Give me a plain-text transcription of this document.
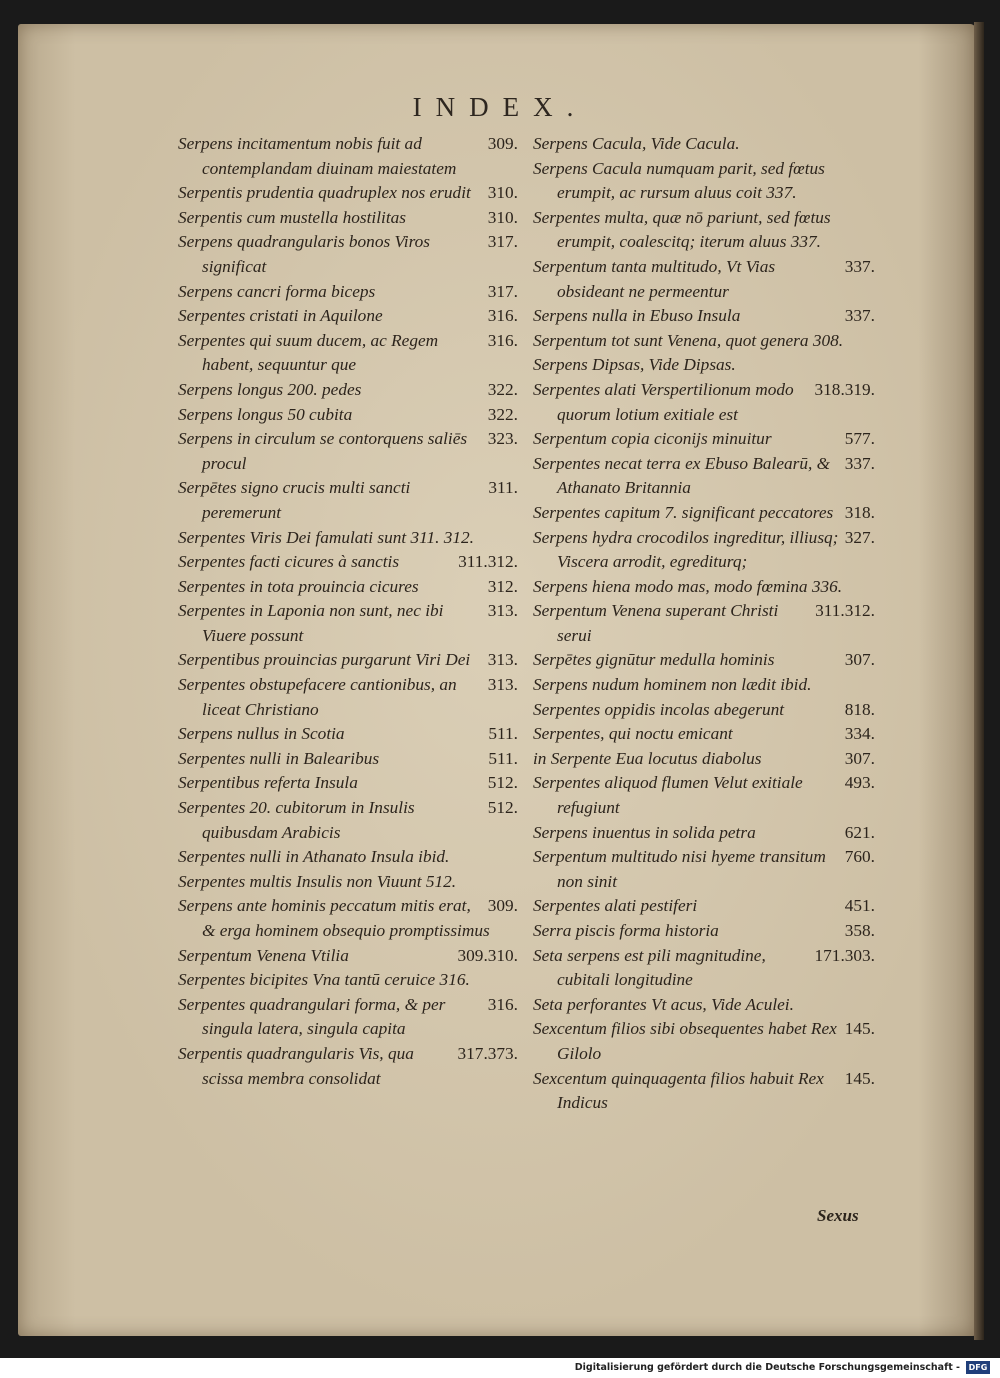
INDEX.

309.
Serpens incitamentum nobis fuit ad contemplandam diuinam maiestatem

310.
Serpentis prudentia quadruplex nos erudit

310.
Serpentis cum mustella hostilitas

317.
Serpens quadrangularis bonos Viros significat

317.
Serpens cancri forma biceps

316.
Serpentes cristati in Aquilone

316.
Serpentes qui suum ducem, ac Regem habent, sequuntur que

322.
Serpens longus 200. pedes

322.
Serpens longus 50 cubita

323.
Serpens in circulum se contorquens saliēs procul

311.
Serpētes signo crucis multi sancti peremerunt

Serpentes Viris Dei famulati sunt 311. 312.

311.312.
Serpentes facti cicures à sanctis

312.
Serpentes in tota prouincia cicures

313.
Serpentes in Laponia non sunt, nec ibi Viuere possunt

313.
Serpentibus prouincias purgarunt Viri Dei

313.
Serpentes obstupefacere cantionibus, an liceat Christiano

511.
Serpens nullus in Scotia

511.
Serpentes nulli in Balearibus

512.
Serpentibus referta Insula

512.
Serpentes 20. cubitorum in Insulis quibusdam Arabicis

Serpentes nulli in Athanato Insula ibid.

Serpentes multis Insulis non Viuunt 512.

309.
Serpens ante hominis peccatum mitis erat, & erga hominem obsequio promptissimus

309.310.
Serpentum Venena Vtilia

Serpentes bicipites Vna tantū ceruice 316.

316.
Serpentes quadrangulari forma, & per singula latera, singula capita

317.373.
Serpentis quadrangularis Vis, qua scissa membra consolidat

Serpens Cacula, Vide Cacula.

Serpens Cacula numquam parit, sed fœtus erumpit, ac rursum aluus coit 337.

Serpentes multa, quæ nō pariunt, sed fœtus erumpit, coalescitq; iterum aluus 337.

337.
Serpentum tanta multitudo, Vt Vias obsideant ne permeentur

337.
Serpens nulla in Ebuso Insula

Serpentum tot sunt Venena, quot genera 308.

Serpens Dipsas, Vide Dipsas.

318.319.
Serpentes alati Verspertilionum modo quorum lotium exitiale est

577.
Serpentum copia ciconijs minuitur

337.
Serpentes necat terra ex Ebuso Balearū, & Athanato Britannia

318.
Serpentes capitum 7. significant peccatores

327.
Serpens hydra crocodilos ingreditur, illiusq; Viscera arrodit, egrediturq;

Serpens hiena modo mas, modo fœmina 336.

311.312.
Serpentum Venena superant Christi serui

307.
Serpētes gignūtur medulla hominis

Serpens nudum hominem non lædit ibid.

818.
Serpentes oppidis incolas abegerunt

334.
Serpentes, qui noctu emicant

307.
in Serpente Eua locutus diabolus

493.
Serpentes aliquod flumen Velut exitiale refugiunt

621.
Serpens inuentus in solida petra

760.
Serpentum multitudo nisi hyeme transitum non sinit

451.
Serpentes alati pestiferi

358.
Serra piscis forma historia

171.303.
Seta serpens est pili magnitudine, cubitali longitudine

Seta perforantes Vt acus, Vide Aculei.

145.
Sexcentum filios sibi obsequentes habet Rex Gilolo

145.
Sexcentum quinquagenta filios habuit Rex Indicus

Sexus
Digitalisierung gefördert durch die Deutsche Forschungsgemeinschaft -	DFG
